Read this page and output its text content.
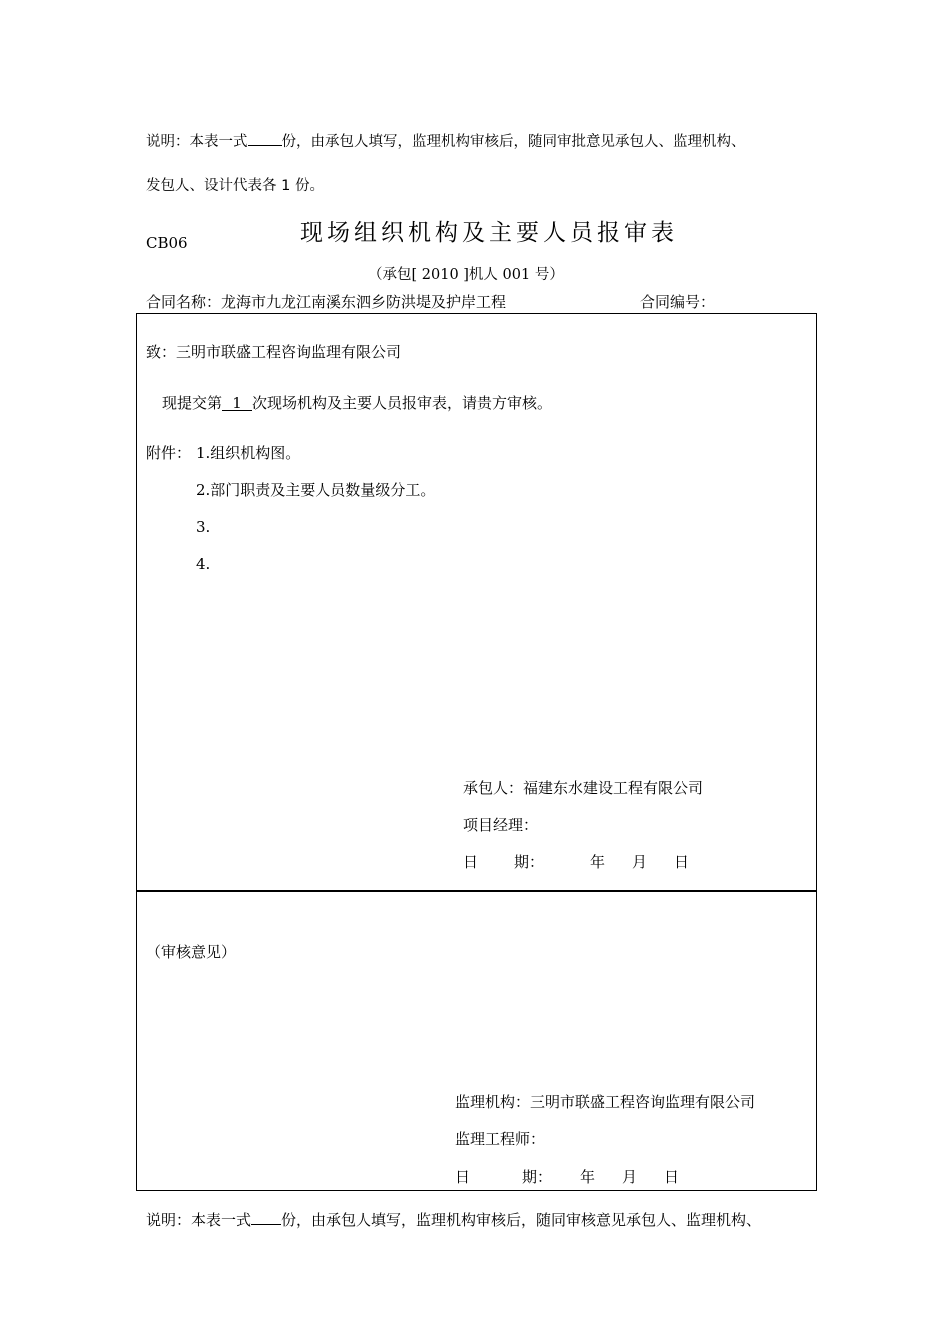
说明：本表一式 份，由承包人填写，监理机构审核后，随同审批意见承包人、监理机构、
发包人、设计代表各 1 份。
CB06	现场组织机构及主要人员报审表
（承包[ 2010 ]机人 001 号）
合同名称：龙海市九龙江南溪东泗乡防洪堤及护岸工程	合同编号：
致：三明市联盛工程咨询监理有限公司
现提交第 1 次现场机构及主要人员报审表，请贵方审核。
附件： 1.组织机构图。
2.部门职责及主要人员数量级分工。
3.
4.
承包人：福建东水建设工程有限公司
项目经理：
日 期：	年 月 日
（审核意见）
监理机构：三明市联盛工程咨询监理有限公司
监理工程师：
日	期： 年 月 日
说明：本表一式 份，由承包人填写，监理机构审核后，随同审核意见承包人、监理机构、
